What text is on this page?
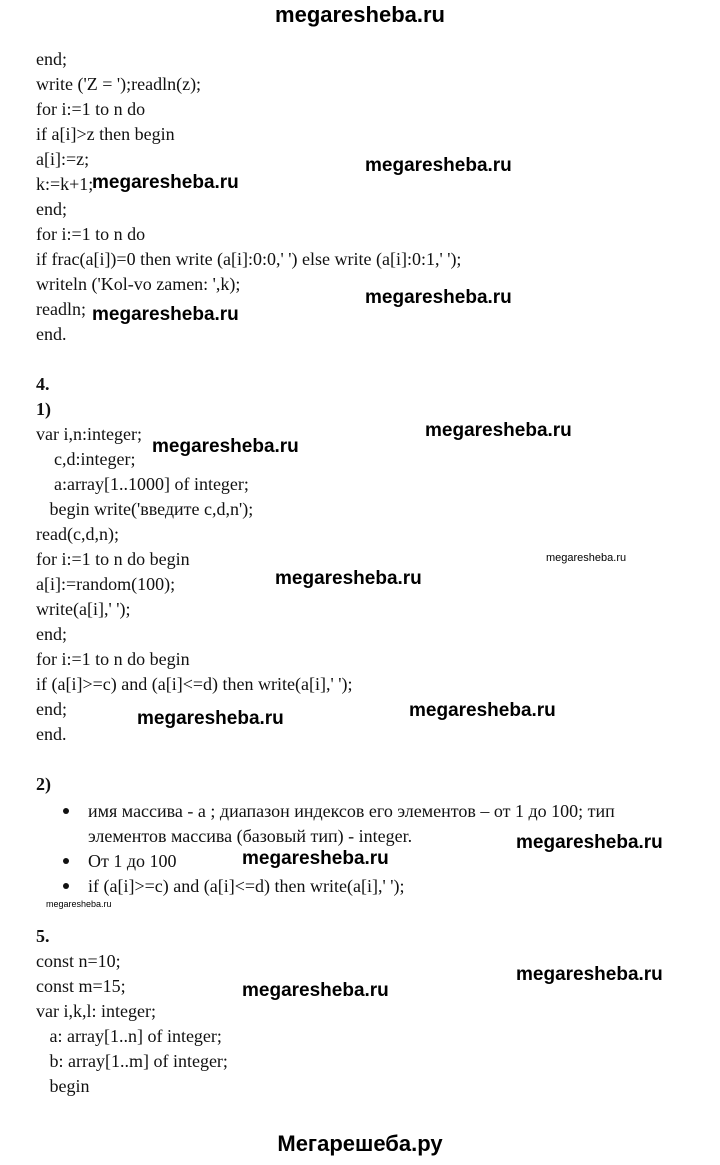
megaresheba.ru
end;
write ('Z = ');readln(z);
for i:=1 to n do
if a[i]>z then begin
a[i]:=z;
k:=k+1;
end;
for i:=1 to n do
if frac(a[i])=0 then write (a[i]:0:0,' ') else write (a[i]:0:1,' ');
writeln ('Kol-vo zamen: ',k);
readln;
end.
4.
1)
var i,n:integer;
c,d:integer;
a:array[1..1000] of integer;
begin write('введите c,d,n');
read(c,d,n);
for i:=1 to n do begin
a[i]:=random(100);
write(a[i],' ');
end;
for i:=1 to n do begin
if (a[i]>=c) and (a[i]<=d) then write(a[i],' ');
end;
end.
2)
имя массива - a ; диапазон индексов его элементов – от 1 до 100; тип
элементов массива (базовый тип) - integer.
От 1 до 100
if (a[i]>=c) and (a[i]<=d) then write(a[i],' ');
5.
const n=10;
const m=15;
var i,k,l: integer;
a: array[1..n] of integer;
b: array[1..m] of integer;
begin
megaresheba.ru
megaresheba.ru
megaresheba.ru
megaresheba.ru
megaresheba.ru
megaresheba.ru
megaresheba.ru
megaresheba.ru
megaresheba.ru
megaresheba.ru
megaresheba.ru
megaresheba.ru
megaresheba.ru
megaresheba.ru
megaresheba.ru
Мегарешеба.ру
